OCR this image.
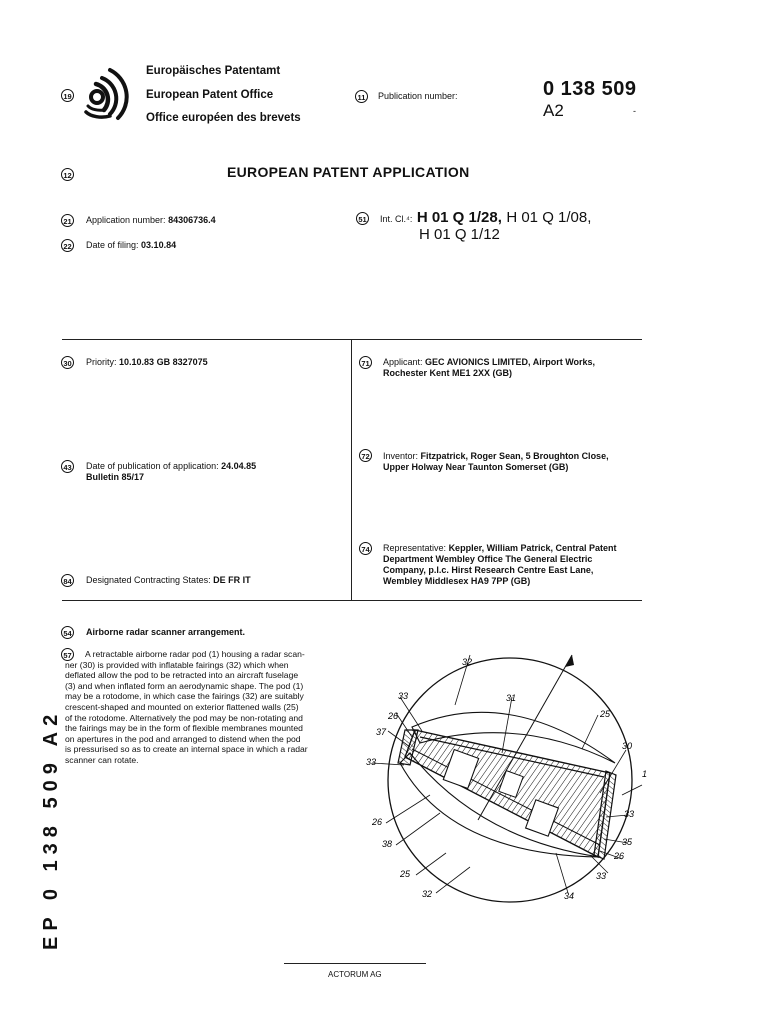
19
Europäisches Patentamt
European Patent Office
Office européen des brevets
11 Publication number:	0 138 509
A2	-
12	EUROPEAN PATENT APPLICATION
21 Application number: 84306736.4
22 Date of filing: 03.10.84
51 Int. Cl.⁴: H 01 Q 1/28, H 01 Q 1/08,
H 01 Q 1/12
30 Priority: 10.10.83 GB 8327075
43 Date of publication of application: 24.04.85
Bulletin 85/17
84 Designated Contracting States: DE FR IT
71 Applicant: GEC AVIONICS LIMITED, Airport Works,
Rochester Kent ME1 2XX (GB)
72 Inventor: Fitzpatrick, Roger Sean, 5 Broughton Close,
Upper Holway Near Taunton Somerset (GB)
74 Representative: Keppler, William Patrick, Central Patent
Department Wembley Office The General Electric
Company, p.l.c. Hirst Research Centre East Lane,
Wembley Middlesex HA9 7PP (GB)
54 Airborne radar scanner arrangement.
57	A retractable airborne radar pod (1) housing a radar scan-
ner (30) is provided with inflatable fairings (32) which when
deflated allow the pod to be retracted into an aircraft fuselage
(3) and when inflated form an aerodynamic shape. The pod (1)
may be a rotodome, in which case the fairings (32) are suitably
crescent-shaped and mounted on exterior flattened walls (25)
of the rotodome. Alternatively the pod may be non-rotating and
the fairings may be in the form of flexible membranes mounted
on apertures in the pod and arranged to distend when the pod
is pressurised so as to create an internal space in which a radar
scanner can rotate.
32
33
26
37
33
31
25
30
1
33
26
38	35
26
25
32
33
34
EP 0 138 509 A2
ACTORUM AG
